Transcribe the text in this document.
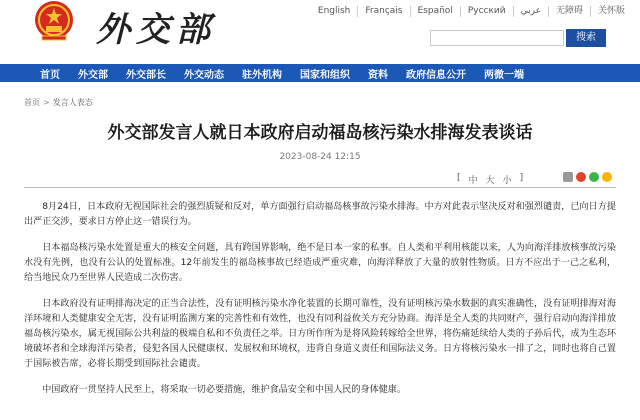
外交部	English	Français	Español	Русский	عربي	无障碍	关怀版
搜索
首页	外交部	外交部长	外交动态	驻外机构	国家和组织	资料	政府信息公开	两微一端
首页 > 发言人表态
外交部发言人就日本政府启动福岛核污染水排海发表谈话
2023-08-24 12:15
[ 中 大 小 ]

8月24日，日本政府无视国际社会的强烈质疑和反对，单方面强行启动福岛核事故污染水排海。中方对此表示坚决反对和强烈谴责，已向日方提出严正交涉，要求日方停止这一错误行为。

日本福岛核污染水处置是重大的核安全问题，具有跨国界影响，绝不是日本一家的私事。自人类和平利用核能以来，人为向海洋排放核事故污染水没有先例，也没有公认的处置标准。12年前发生的福岛核事故已经造成严重灾难，向海洋释放了大量的放射性物质。日方不应出于一己之私利，给当地民众乃至世界人民造成二次伤害。

日本政府没有证明排海决定的正当合法性，没有证明核污染水净化装置的长期可靠性，没有证明核污染水数据的真实准确性，没有证明排海对海洋环境和人类健康安全无害，没有证明监测方案的完善性和有效性，也没有同利益攸关方充分协商。海洋是全人类的共同财产，强行启动向海洋排放福岛核污染水，属无视国际公共利益的极端自私和不负责任之举。日方所作所为是将风险转嫁给全世界，将伤痛延续给人类的子孙后代，成为生态环境破坏者和全球海洋污染者，侵犯各国人民健康权、发展权和环境权，违背自身道义责任和国际法义务。日方将核污染水一排了之，同时也将自己置于国际被告席，必将长期受到国际社会谴责。

中国政府一贯坚持人民至上，将采取一切必要措施，维护食品安全和中国人民的身体健康。
